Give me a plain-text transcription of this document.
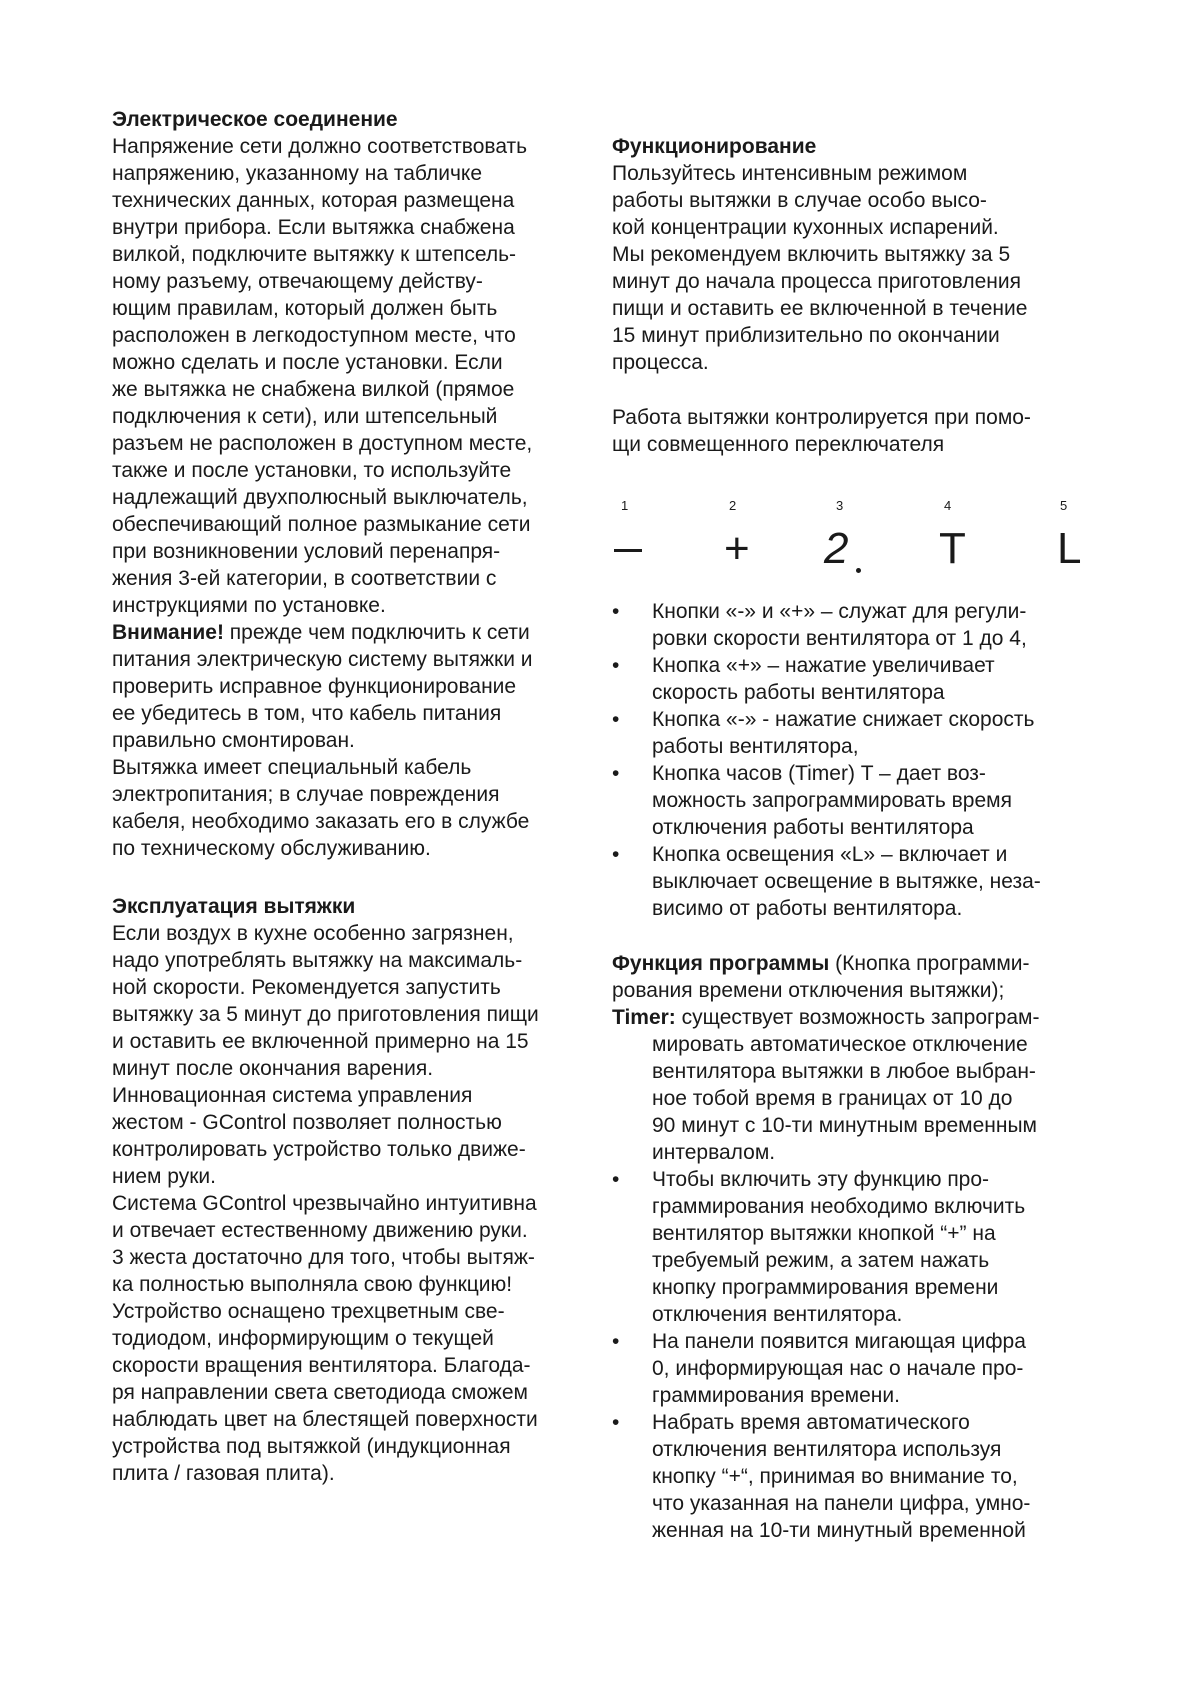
Электрическое соединение
Напряжение сети должно соответствовать
напряжению, указанному на табличке
технических данных, которая размещена
внутри прибора. Если вытяжка снабжена
вилкой, подключите вытяжку к штепсель-
ному разъему, отвечающему действу-
ющим правилам, который должен быть
расположен в легкодоступном месте, что
можно сделать и после установки. Если
же вытяжка не снабжена вилкой (прямое
подключения к сети), или штепсельный
разъем не расположен в доступном месте,
также и после установки, то используйте
надлежащий двухполюсный выключатель,
обеспечивающий полное размыкание сети
при возникновении условий перенапря-
жения 3-ей категории, в соответствии с
инструкциями по установке.
Внимание! прежде чем подключить к сети
питания электрическую систему вытяжки и
проверить исправное функционирование
ее убедитесь в том, что кабель питания
правильно смонтирован.
Вытяжка имеет специальный кабель
электропитания; в случае повреждения
кабеля, необходимо заказать его в службе
по техническому обслуживанию.
Эксплуатация вытяжки
Если воздух в кухне особенно загрязнен,
надо употреблять вытяжку на максималь-
ной скорости. Рекомендуется запустить
вытяжку за 5 минут до приготовления пищи
и оставить ее включенной примерно на 15
минут после окончания варения.
Инновационная система управления
жестом - GControl позволяет полностью
контролировать устройство только движе-
нием руки.
Система GControl чрезвычайно интуитивна
и отвечает естественному движению руки.
3 жеста достаточно для того, чтобы вытяж-
ка полностью выполняла свою функцию!
Устройство оснащено трехцветным све-
тодиодом, информирующим о текущей
скорости вращения вентилятора. Благода-
ря направлении света светодиода сможем
наблюдать цвет на блестящей поверхности
устройства под вытяжкой (индукционная
плита / газовая плита).
Функционирование
Пользуйтесь интенсивным режимом
работы вытяжки в случае особо высо-
кой концентрации кухонных испарений.
Мы рекомендуем включить вытяжку за 5
минут до начала процесса приготовления
пищи и оставить ее включенной в течение
15 минут приблизительно по окончании
процесса.
Работа вытяжки контролируется при помо-
щи совмещенного переключателя
• Кнопки «-» и «+» – служат для регули-
ровки скорости вентилятора от 1 до 4,
• Кнопка «+» – нажатие увеличивает
скорость работы вентилятора
• Кнопка «-» - нажатие снижает скорость
работы вентилятора,
• Кнопка часов (Timer) T – дает воз-
можность запрограммировать время
отключения работы вентилятора
• Кнопка освещения «L» – включает и
выключает освещение в вытяжке, неза-
висимо от работы вентилятора.
Функция программы (Кнопка программи-
рования времени отключения вытяжки);
Timer: существует возможность запрограм-
мировать автоматическое отключение
вентилятора вытяжки в любое выбран-
ное тобой время в границах от 10 до
90 минут с 10-ти минутным временным
интервалом.
• Чтобы включить эту функцию про-
граммирования необходимо включить
вентилятор вытяжки кнопкой “+” на
требуемый режим, а затем нажать
кнопку программирования времени
отключения вентилятора.
• На панели появится мигающая цифра
0, информирующая нас о начале про-
граммирования времени.
• Набрать время автоматического
отключения вентилятора используя
кнопку “+“, принимая во внимание то,
что указанная на панели цифра, умно-
женная на 10-ти минутный временной
1	2	3	4	5
+ 2 T L
